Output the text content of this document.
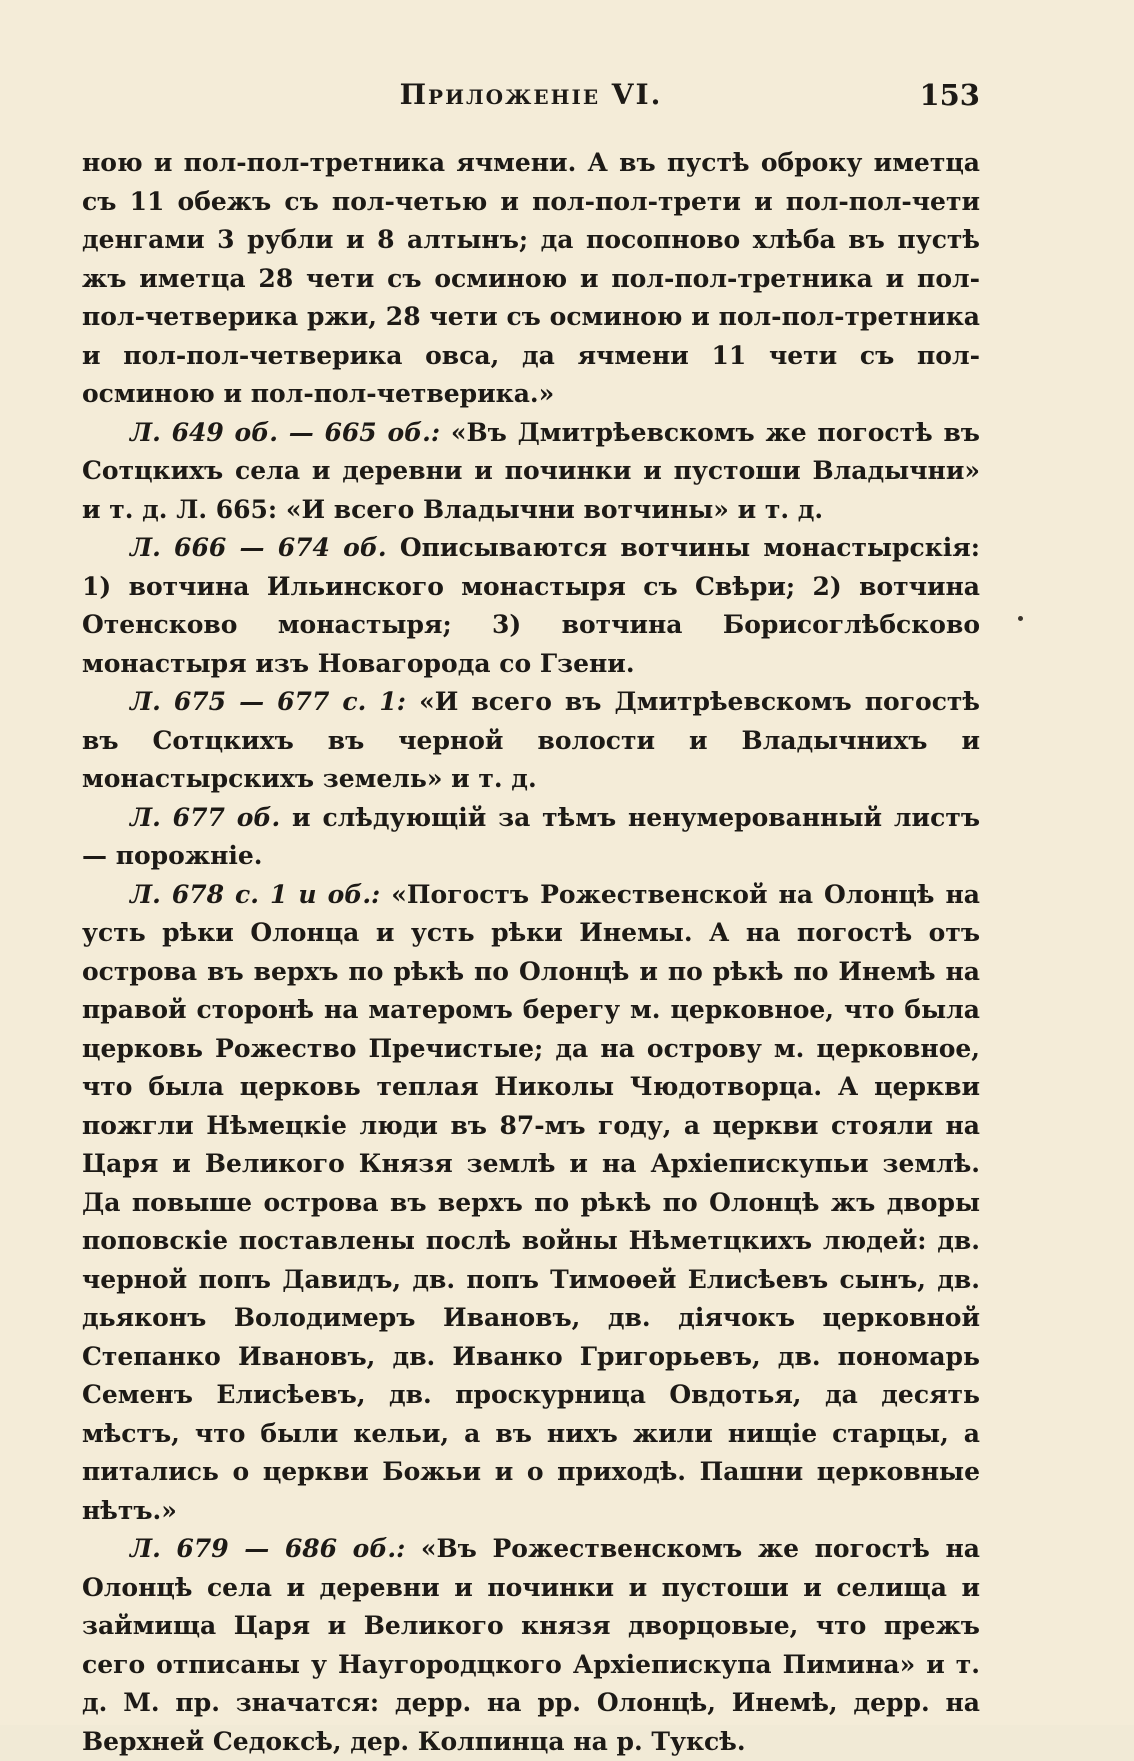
Приложеніе VI.	153

ною и пол-пол-третника ячмени. А въ пустѣ оброку иметца съ 11 обежъ съ пол-четью и пол-пол-трети и пол-пол-чети денгами 3 рубли и 8 алтынъ; да посопново хлѣба въ пустѣ жъ иметца 28 чети съ осминою и пол-пол-третника и пол-пол-четверика ржи, 28 чети съ осминою и пол-пол-третника и пол-пол-четверика овса, да ячмени 11 чети съ пол-осминою и пол-пол-четверика.»

Л. 649 об. — 665 об.: «Въ Дмитрѣевскомъ же погостѣ въ Сотцкихъ села и деревни и починки и пустоши Владычни» и т. д. Л. 665: «И всего Владычни вотчины» и т. д.

Л. 666 — 674 об. Описываются вотчины монастырскія: 1) вотчина Ильинского монастыря съ Свѣри; 2) вотчина Отенсково монастыря; 3) вотчина Борисоглѣбсково монастыря изъ Новагорода со Гзени.

Л. 675 — 677 с. 1: «И всего въ Дмитрѣевскомъ погостѣ въ Сотцкихъ въ черной волости и Владычнихъ и монастырскихъ земель» и т. д.

Л. 677 об. и слѣдующій за тѣмъ ненумерованный листъ — порожніе.

Л. 678 с. 1 и об.: «Погостъ Рожественской на Олонцѣ на усть рѣки Олонца и усть рѣки Инемы. А на погостѣ отъ острова въ верхъ по рѣкѣ по Олонцѣ и по рѣкѣ по Инемѣ на правой сторонѣ на матеромъ берегу м. церковное, что была церковь Рожество Пречистые; да на острову м. церковное, что была церковь теплая Николы Чюдотворца. А церкви пожгли Нѣмецкіе люди въ 87-мъ году, а церкви стояли на Царя и Великого Князя землѣ и на Архіепискупьи землѣ. Да повыше острова въ верхъ по рѣкѣ по Олонцѣ жъ дворы поповскіе поставлены послѣ войны Нѣметцкихъ людей: дв. черной попъ Давидъ, дв. попъ Тимоѳей Елисѣевъ сынъ, дв. дьяконъ Володимеръ Ивановъ, дв. діячокъ церковной Степанко Ивановъ, дв. Иванко Григорьевъ, дв. пономарь Семенъ Елисѣевъ, дв. проскурница Овдотья, да десять мѣстъ, что были кельи, а въ нихъ жили нищіе старцы, а питались о церкви Божьи и о приходѣ. Пашни церковные нѣтъ.»

Л. 679 — 686 об.: «Въ Рожественскомъ же погостѣ на Олонцѣ села и деревни и починки и пустоши и селища и займища Царя и Великого князя дворцовые, что прежъ сего отписаны у Наугородцкого Архіепискупа Пимина» и т. д. М. пр. значатся: дерр. на рр. Олонцѣ, Инемѣ, дерр. на Верхней Седоксѣ, дер. Колпинца на р. Туксѣ.
